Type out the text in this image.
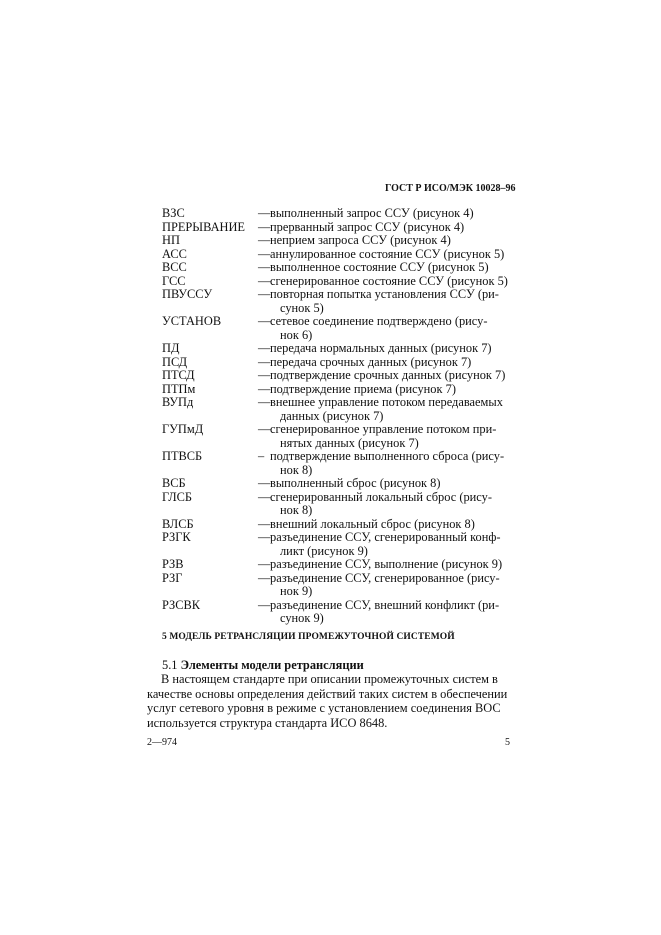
ГОСТ Р ИСО/МЭК 10028–96
ВЗС	— выполненный запрос ССУ (рисунок 4)
ПРЕРЫВАНИЕ	— прерванный запрос ССУ (рисунок 4)
НП	— неприем запроса ССУ (рисунок 4)
АСС	— аннулированное состояние ССУ (рисунок 5)
ВСС	— выполненное состояние ССУ (рисунок 5)
ГСС	— сгенерированное состояние ССУ (рисунок 5)
ПВУССУ	— повторная попытка установления ССУ (ри-
сунок 5)
УСТАНОВ	— сетевое соединение подтверждено (рису-
нок 6)
ПД	— передача нормальных данных (рисунок 7)
ПСД	— передача срочных данных (рисунок 7)
ПТСД	— подтверждение срочных данных (рисунок 7)
ПТПм	— подтверждение приема (рисунок 7)
ВУПд	— внешнее управление потоком передаваемых
данных (рисунок 7)
ГУПмД	— сгенерированное управление потоком при-
нятых данных (рисунок 7)
ПТВСБ	– подтверждение выполненного сброса (рису-
нок 8)
ВСБ	— выполненный сброс (рисунок 8)
ГЛСБ	— сгенерированный локальный сброс (рису-
нок 8)
ВЛСБ	— внешний локальный сброс (рисунок 8)
РЗГК	— разъединение ССУ, сгенерированный конф-
ликт (рисунок 9)
РЗВ	— разъединение ССУ, выполнение (рисунок 9)
РЗГ	— разъединение ССУ, сгенерированное (рису-
нок 9)
РЗСВК	— разъединение ССУ, внешний конфликт (ри-
сунок 9)
5 МОДЕЛЬ РЕТРАНСЛЯЦИИ ПРОМЕЖУТОЧНОЙ СИСТЕМОЙ
5.1 Элементы модели ретрансляции
В настоящем стандарте при описании промежуточных систем в
качестве основы определения действий таких систем в обеспечении
услуг сетевого уровня в режиме с установлением соединения ВОС
используется структура стандарта ИСО 8648.
2—974	5
